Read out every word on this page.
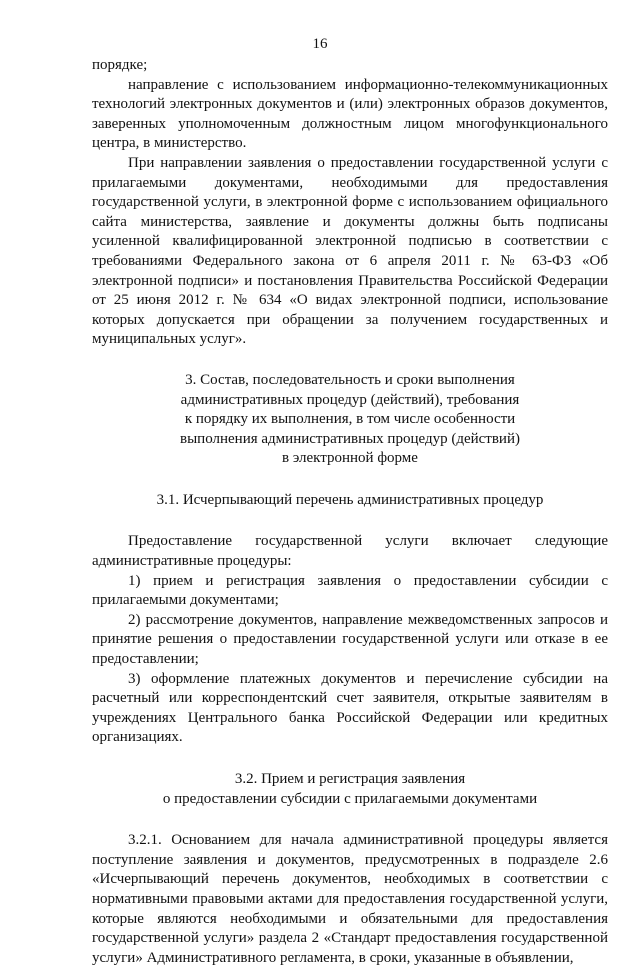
16

порядке;

направление с использованием информационно-телекоммуникационных технологий электронных документов и (или) электронных образов документов, заверенных уполномоченным должностным лицом многофункционального центра, в министерство.

При направлении заявления о предоставлении государственной услуги с прилагаемыми документами, необходимыми для предоставления государственной услуги, в электронной форме с использованием официального сайта министерства, заявление и документы должны быть подписаны усиленной квалифицированной электронной подписью в соответствии с требованиями Федерального закона от 6 апреля 2011 г. № 63-ФЗ «Об электронной подписи» и постановления Правительства Российской Федерации от 25 июня 2012 г. № 634 «О видах электронной подписи, использование которых допускается при обращении за получением государственных и муниципальных услуг».

3. Состав, последовательность и сроки выполнения

административных процедур (действий), требования

к порядку их выполнения, в том числе особенности

выполнения административных процедур (действий)

в электронной форме

3.1. Исчерпывающий перечень административных процедур

Предоставление государственной услуги включает следующие административные процедуры:

1) прием и регистрация заявления о предоставлении субсидии с прилагаемыми документами;

2) рассмотрение документов, направление межведомственных запросов и принятие решения о предоставлении государственной услуги или отказе в ее предоставлении;

3) оформление платежных документов и перечисление субсидии на расчетный или корреспондентский счет заявителя, открытые заявителям в учреждениях Центрального банка Российской Федерации или кредитных организациях.

3.2. Прием и регистрация заявления

о предоставлении субсидии с прилагаемыми документами

3.2.1. Основанием для начала административной процедуры является поступление заявления и документов, предусмотренных в подразделе 2.6 «Исчерпывающий перечень документов, необходимых в соответствии с нормативными правовыми актами для предоставления государственной услуги, которые являются необходимыми и обязательными для предоставления государственной услуги» раздела 2 «Стандарт предоставления государственной услуги» Административного регламента, в сроки, указанные в объявлении,
